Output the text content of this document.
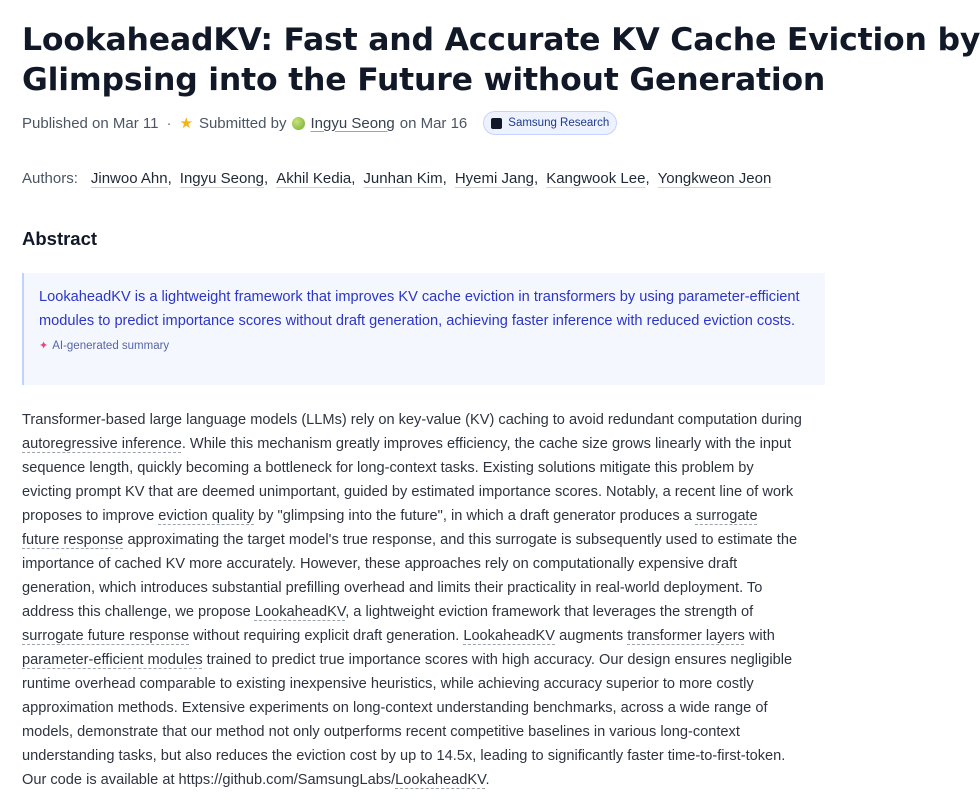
LookaheadKV: Fast and Accurate KV Cache Eviction by
Glimpsing into the Future without Generation
Published on Mar 11 · ★ Submitted by Ingyu Seong on Mar 16	Samsung Research
Authors: Jinwoo Ahn , Ingyu Seong , Akhil Kedia , Junhan Kim , Hyemi Jang , Kangwook Lee , Yongkweon Jeon
Abstract

LookaheadKV is a lightweight framework that improves KV cache eviction in transformers by using parameter-efficient modules to predict importance scores without draft generation, achieving faster inference with reduced eviction costs.

✦ AI-generated summary

Transformer-based large language models (LLMs) rely on key-value (KV) caching to avoid redundant computation during
autoregressive inference. While this mechanism greatly improves efficiency, the cache size grows linearly with the input
sequence length, quickly becoming a bottleneck for long-context tasks. Existing solutions mitigate this problem by
evicting prompt KV that are deemed unimportant, guided by estimated importance scores. Notably, a recent line of work
proposes to improve eviction quality by "glimpsing into the future", in which a draft generator produces a surrogate
future response approximating the target model's true response, and this surrogate is subsequently used to estimate the
importance of cached KV more accurately. However, these approaches rely on computationally expensive draft
generation, which introduces substantial prefilling overhead and limits their practicality in real-world deployment. To
address this challenge, we propose LookaheadKV, a lightweight eviction framework that leverages the strength of
surrogate future response without requiring explicit draft generation. LookaheadKV augments transformer layers with
parameter-efficient modules trained to predict true importance scores with high accuracy. Our design ensures negligible
runtime overhead comparable to existing inexpensive heuristics, while achieving accuracy superior to more costly
approximation methods. Extensive experiments on long-context understanding benchmarks, across a wide range of
models, demonstrate that our method not only outperforms recent competitive baselines in various long-context
understanding tasks, but also reduces the eviction cost by up to 14.5x, leading to significantly faster time-to-first-token.
Our code is available at https://github.com/SamsungLabs/LookaheadKV.
